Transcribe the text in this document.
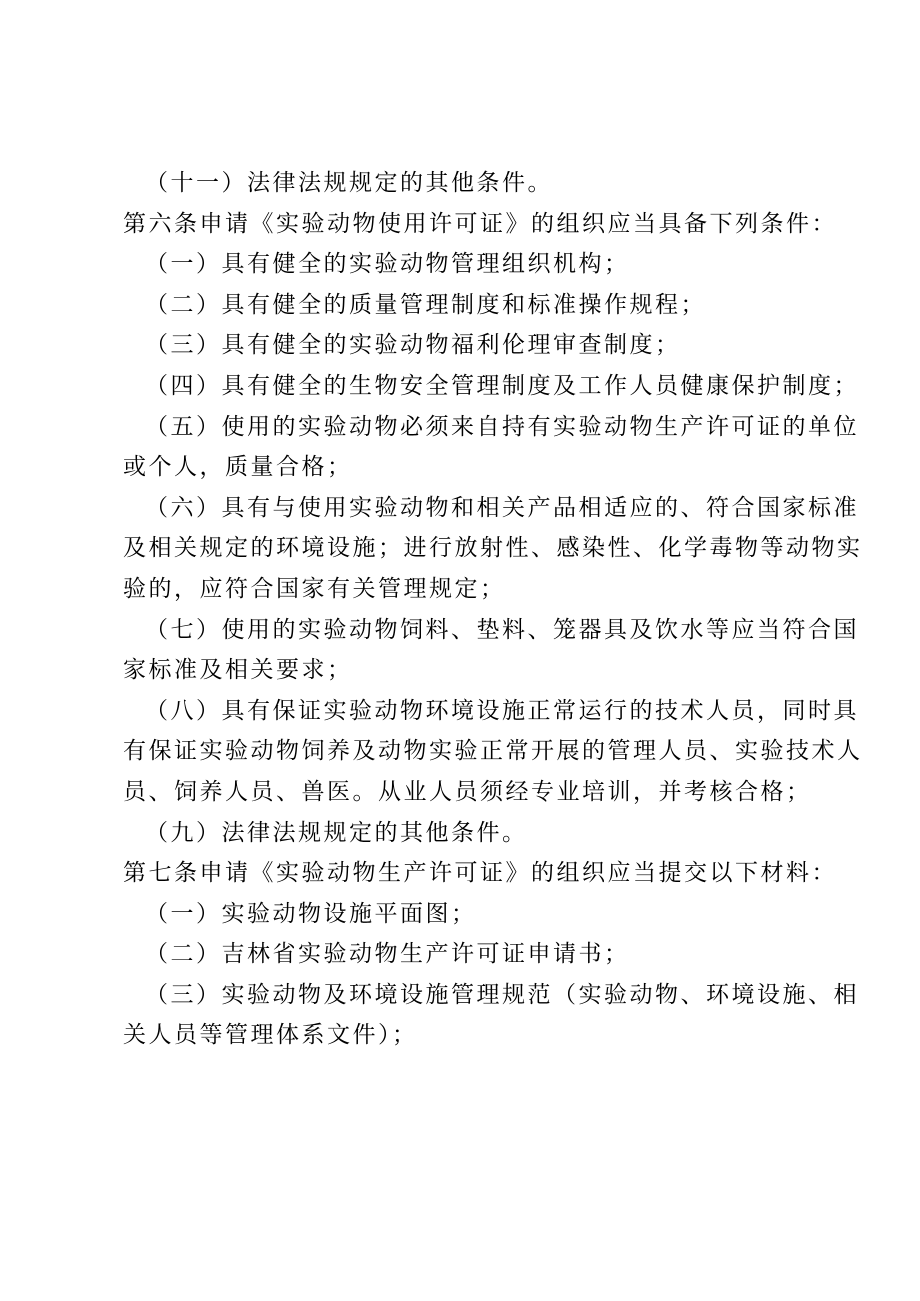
（十一）法律法规规定的其他条件。
第六条申请《实验动物使用许可证》的组织应当具备下列条件：
（一）具有健全的实验动物管理组织机构；
（二）具有健全的质量管理制度和标准操作规程；
（三）具有健全的实验动物福利伦理审查制度；
（四）具有健全的生物安全管理制度及工作人员健康保护制度；
（五）使用的实验动物必须来自持有实验动物生产许可证的单位
或个人，质量合格；
（六）具有与使用实验动物和相关产品相适应的、符合国家标准
及相关规定的环境设施；进行放射性、感染性、化学毒物等动物实
验的，应符合国家有关管理规定；
（七）使用的实验动物饲料、垫料、笼器具及饮水等应当符合国
家标准及相关要求；
（八）具有保证实验动物环境设施正常运行的技术人员，同时具
有保证实验动物饲养及动物实验正常开展的管理人员、实验技术人
员、饲养人员、兽医。从业人员须经专业培训，并考核合格；
（九）法律法规规定的其他条件。
第七条申请《实验动物生产许可证》的组织应当提交以下材料：
（一）实验动物设施平面图；
（二）吉林省实验动物生产许可证申请书；
（三）实验动物及环境设施管理规范（实验动物、环境设施、相
关人员等管理体系文件）；
